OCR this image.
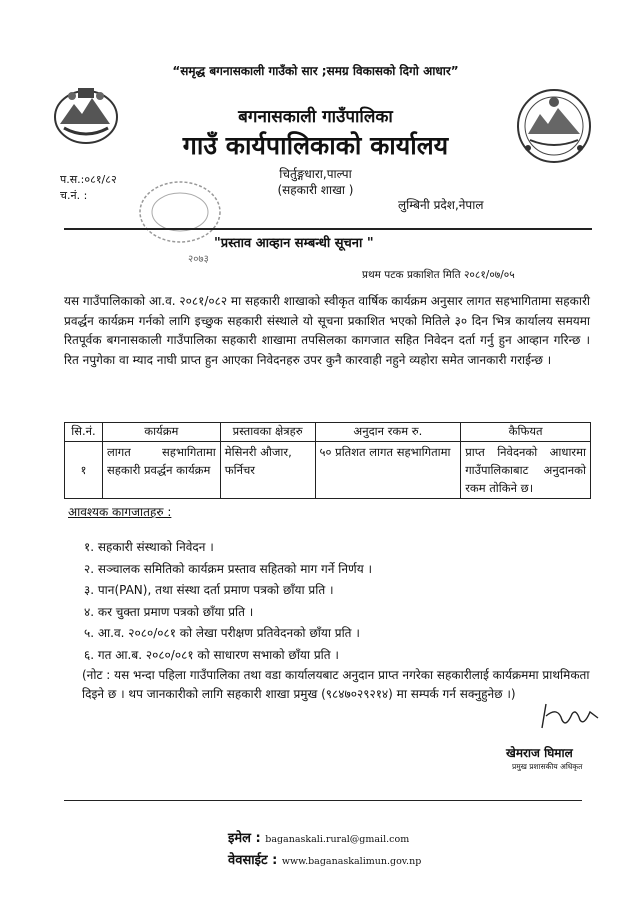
“समृद्ध बगनासकाली गाउँको सार ;समग्र विकासको दिगो आधार”
बगनासकाली गाउँपालिका
गाउँ कार्यपालिकाको कार्यालय
चिर्तुङ्गधारा,पाल्पा
(सहकारी शाखा )
प.स.:०८१/८२
च.नं. :
लुम्बिनी प्रदेश,नेपाल
२०७३
"प्रस्ताव आव्हान सम्बन्धी सूचना "
प्रथम पटक प्रकाशित मिति २०८१/०७/०५
यस गाउँपालिकाको आ.व. २०८१/०८२ मा सहकारी शाखाको स्वीकृत वार्षिक कार्यक्रम अनुसार लागत सहभागितामा सहकारी प्रवर्द्धन कार्यक्रम गर्नको लागि इच्छुक सहकारी संस्थाले यो सूचना प्रकाशित भएको मितिले ३० दिन भित्र कार्यालय समयमा रितपूर्वक बगनासकाली गाउँपालिका सहकारी शाखामा तपसिलका कागजात सहित निवेदन दर्ता गर्नु हुन आव्हान गरिन्छ । रित नपुगेका वा म्याद नाघी प्राप्त हुन आएका निवेदनहरु उपर कुनै कारवाही नहुने व्यहोरा समेत जानकारी गराईन्छ ।
सि.नं.	कार्यक्रम	प्रस्तावका क्षेत्रहरु	अनुदान रकम रु.	कैफियत
१	लागत सहभागितामा सहकारी प्रवर्द्धन कार्यक्रम	मेसिनरी औजार, फर्निचर	५० प्रतिशत लागत सहभागितामा	प्राप्त निवेदनको आधारमा गाउँपालिकाबाट अनुदानको रकम तोकिने छ।
आवश्यक कागजातहरु :
१. सहकारी संस्थाको निवेदन ।
२. सञ्चालक समितिको कार्यक्रम प्रस्ताव सहितको माग गर्ने निर्णय ।
३. पान(PAN), तथा संस्था दर्ता प्रमाण पत्रको छाँया प्रति ।
४. कर चुक्ता प्रमाण पत्रको छाँया प्रति ।
५. आ.व. २०८०/०८१ को लेखा परीक्षण प्रतिवेदनको छाँया प्रति ।
६. गत आ.ब. २०८०/०८१ को साधारण सभाको छाँया प्रति ।
(नोट : यस भन्दा पहिला गाउँपालिका तथा वडा कार्यालयबाट अनुदान प्राप्त नगरेका सहकारीलाई कार्यक्रममा प्राथमिकता दिइने छ । थप जानकारीको लागि सहकारी शाखा प्रमुख (९८४७०२९२१४) मा सम्पर्क गर्न सक्नुहुनेछ ।)
खेमराज घिमाल
प्रमुख प्रशासकीय अधिकृत
इमेल : baganaskali.rural@gmail.com
वेवसाईट : www.baganaskalimun.gov.np
